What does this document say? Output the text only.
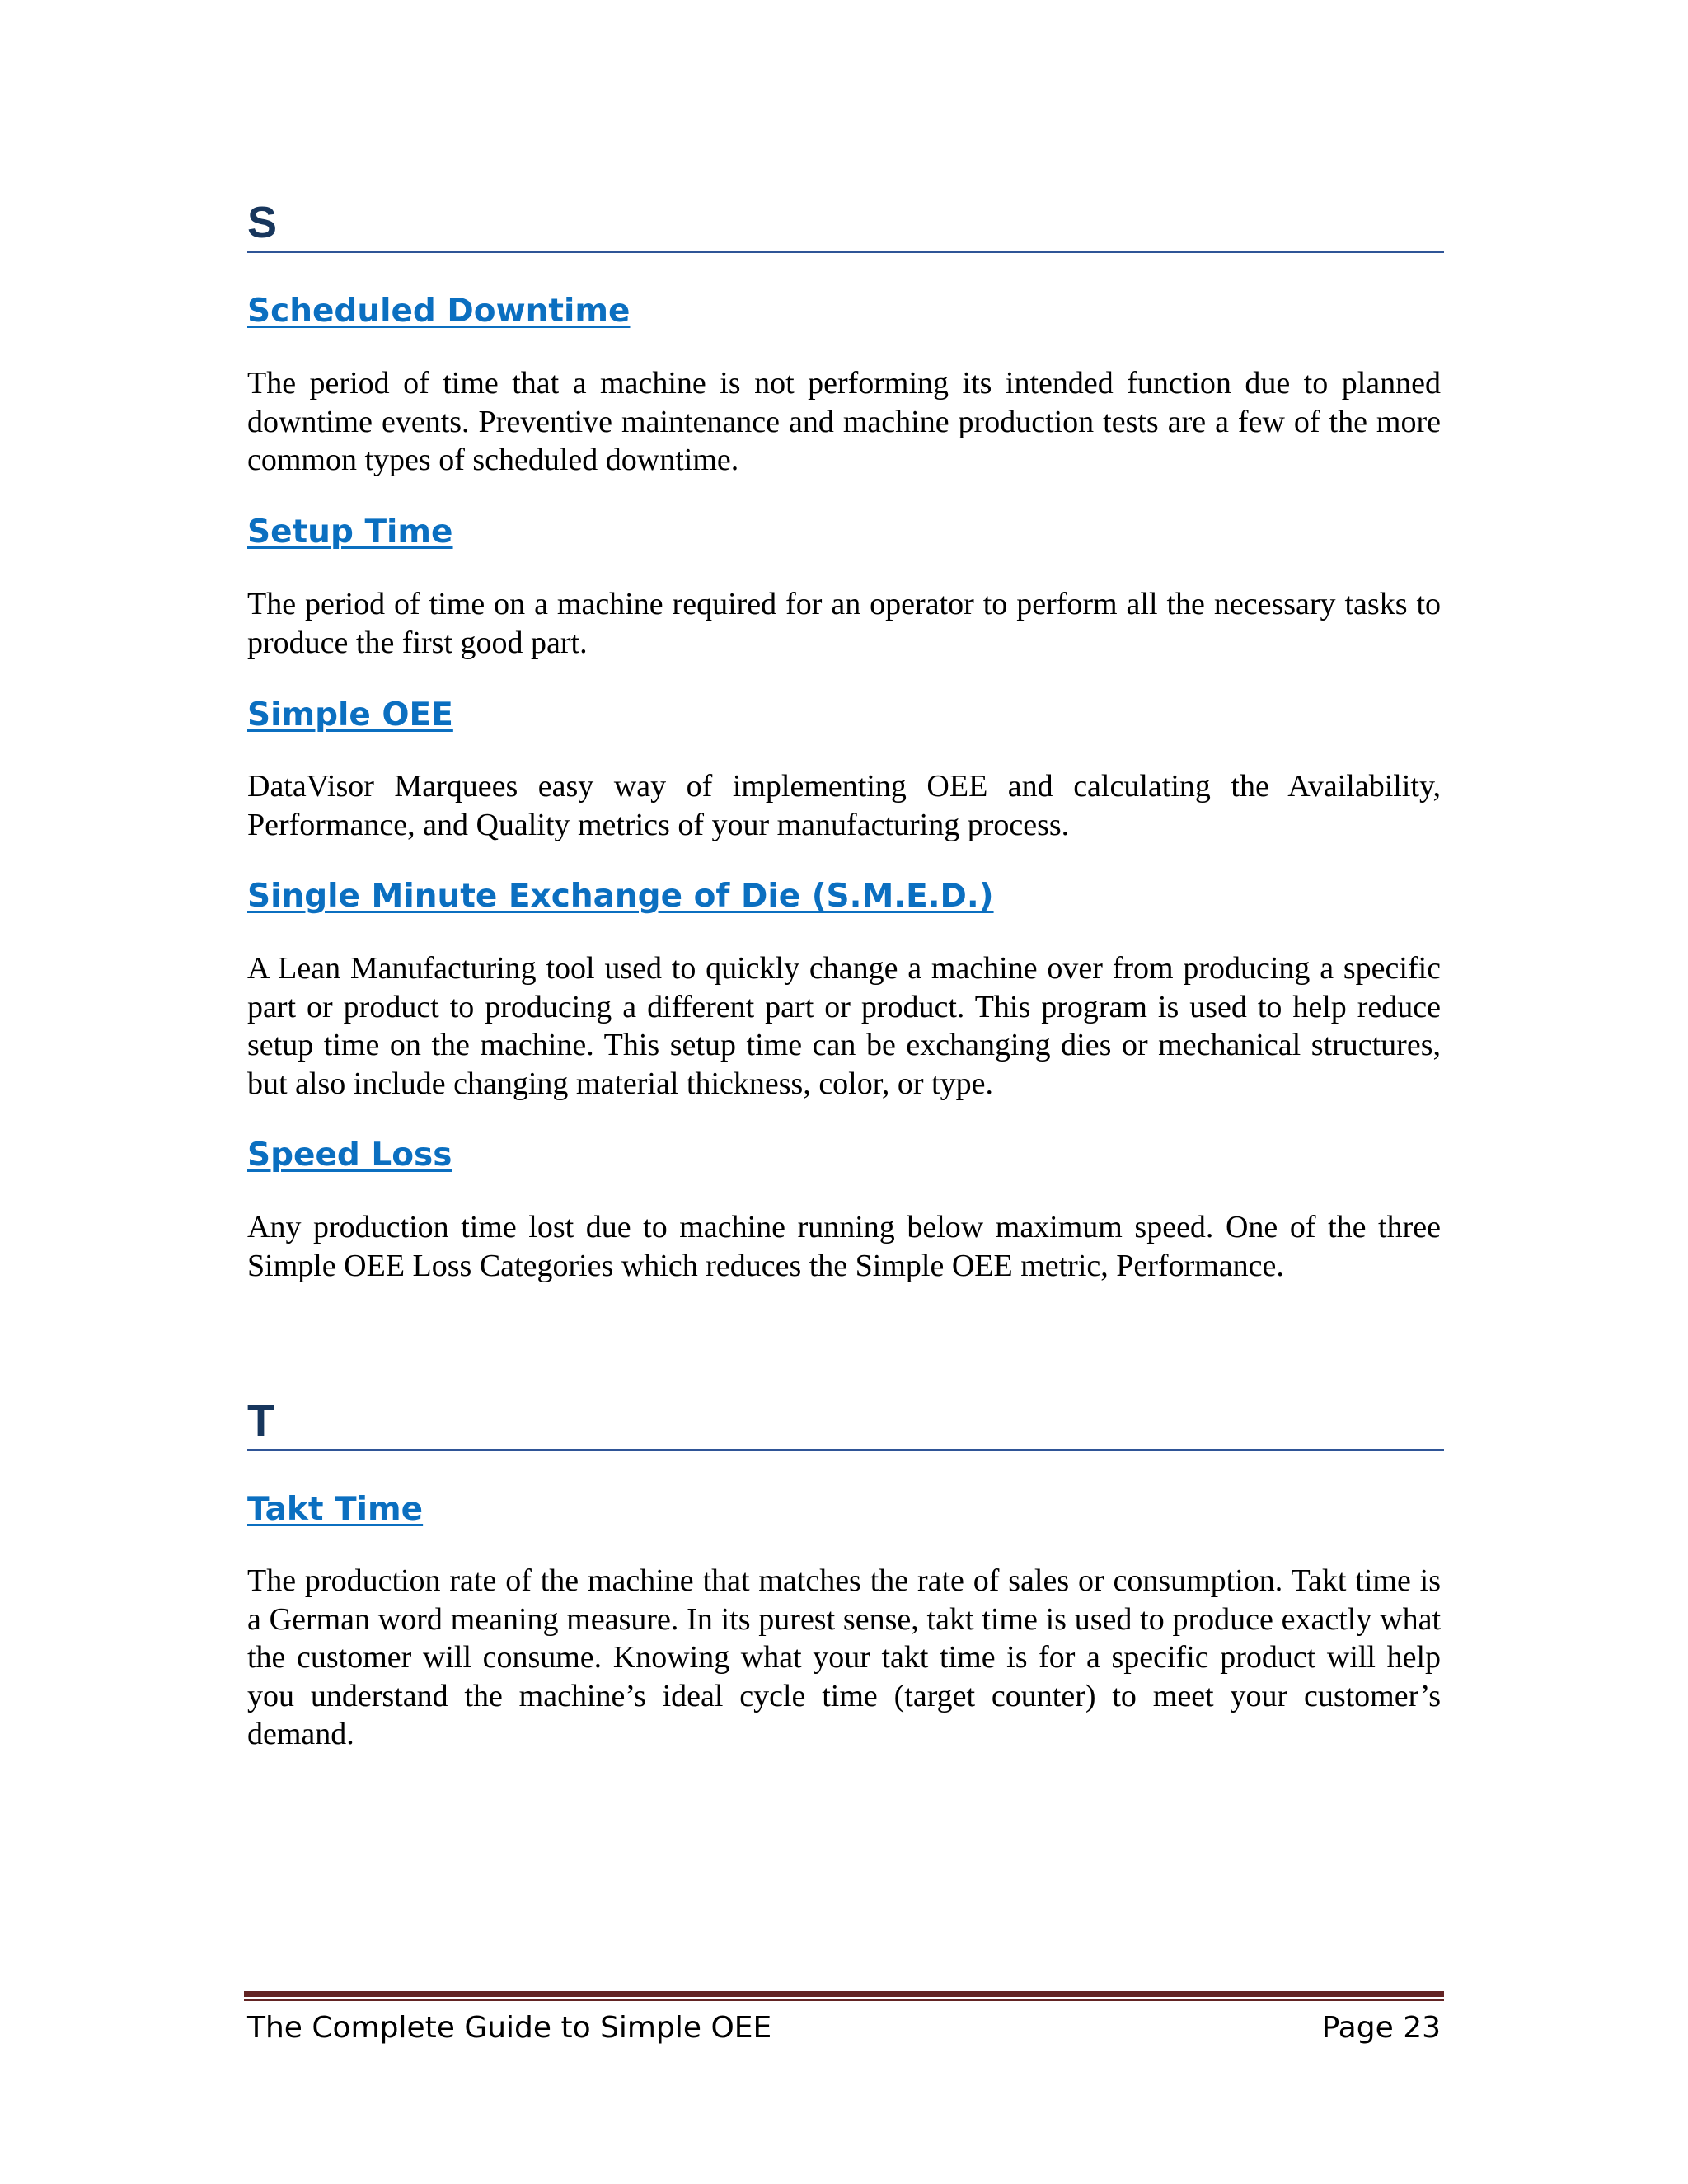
S
Scheduled Downtime

The period of time that a machine is not performing its intended function due to planned downtime events. Preventive maintenance and machine production tests are a few of the more common types of scheduled downtime.

Setup Time

The period of time on a machine required for an operator to perform all the necessary tasks to produce the first good part.

Simple OEE

DataVisor Marquees easy way of implementing OEE and calculating the Availability, Performance, and Quality metrics of your manufacturing process.

Single Minute Exchange of Die (S.M.E.D.)

A Lean Manufacturing tool used to quickly change a machine over from producing a specific part or product to producing a different part or product. This program is used to help reduce setup time on the machine. This setup time can be exchanging dies or mechanical structures, but also include changing material thickness, color, or type.

Speed Loss

Any production time lost due to machine running below maximum speed. One of the three Simple OEE Loss Categories which reduces the Simple OEE metric, Performance.

T
Takt Time

The production rate of the machine that matches the rate of sales or consumption. Takt time is a German word meaning measure. In its purest sense, takt time is used to produce exactly what the customer will consume. Knowing what your takt time is for a specific product will help you understand the machine’s ideal cycle time (target counter) to meet your customer’s demand.

The Complete Guide to Simple OEE	Page 23
